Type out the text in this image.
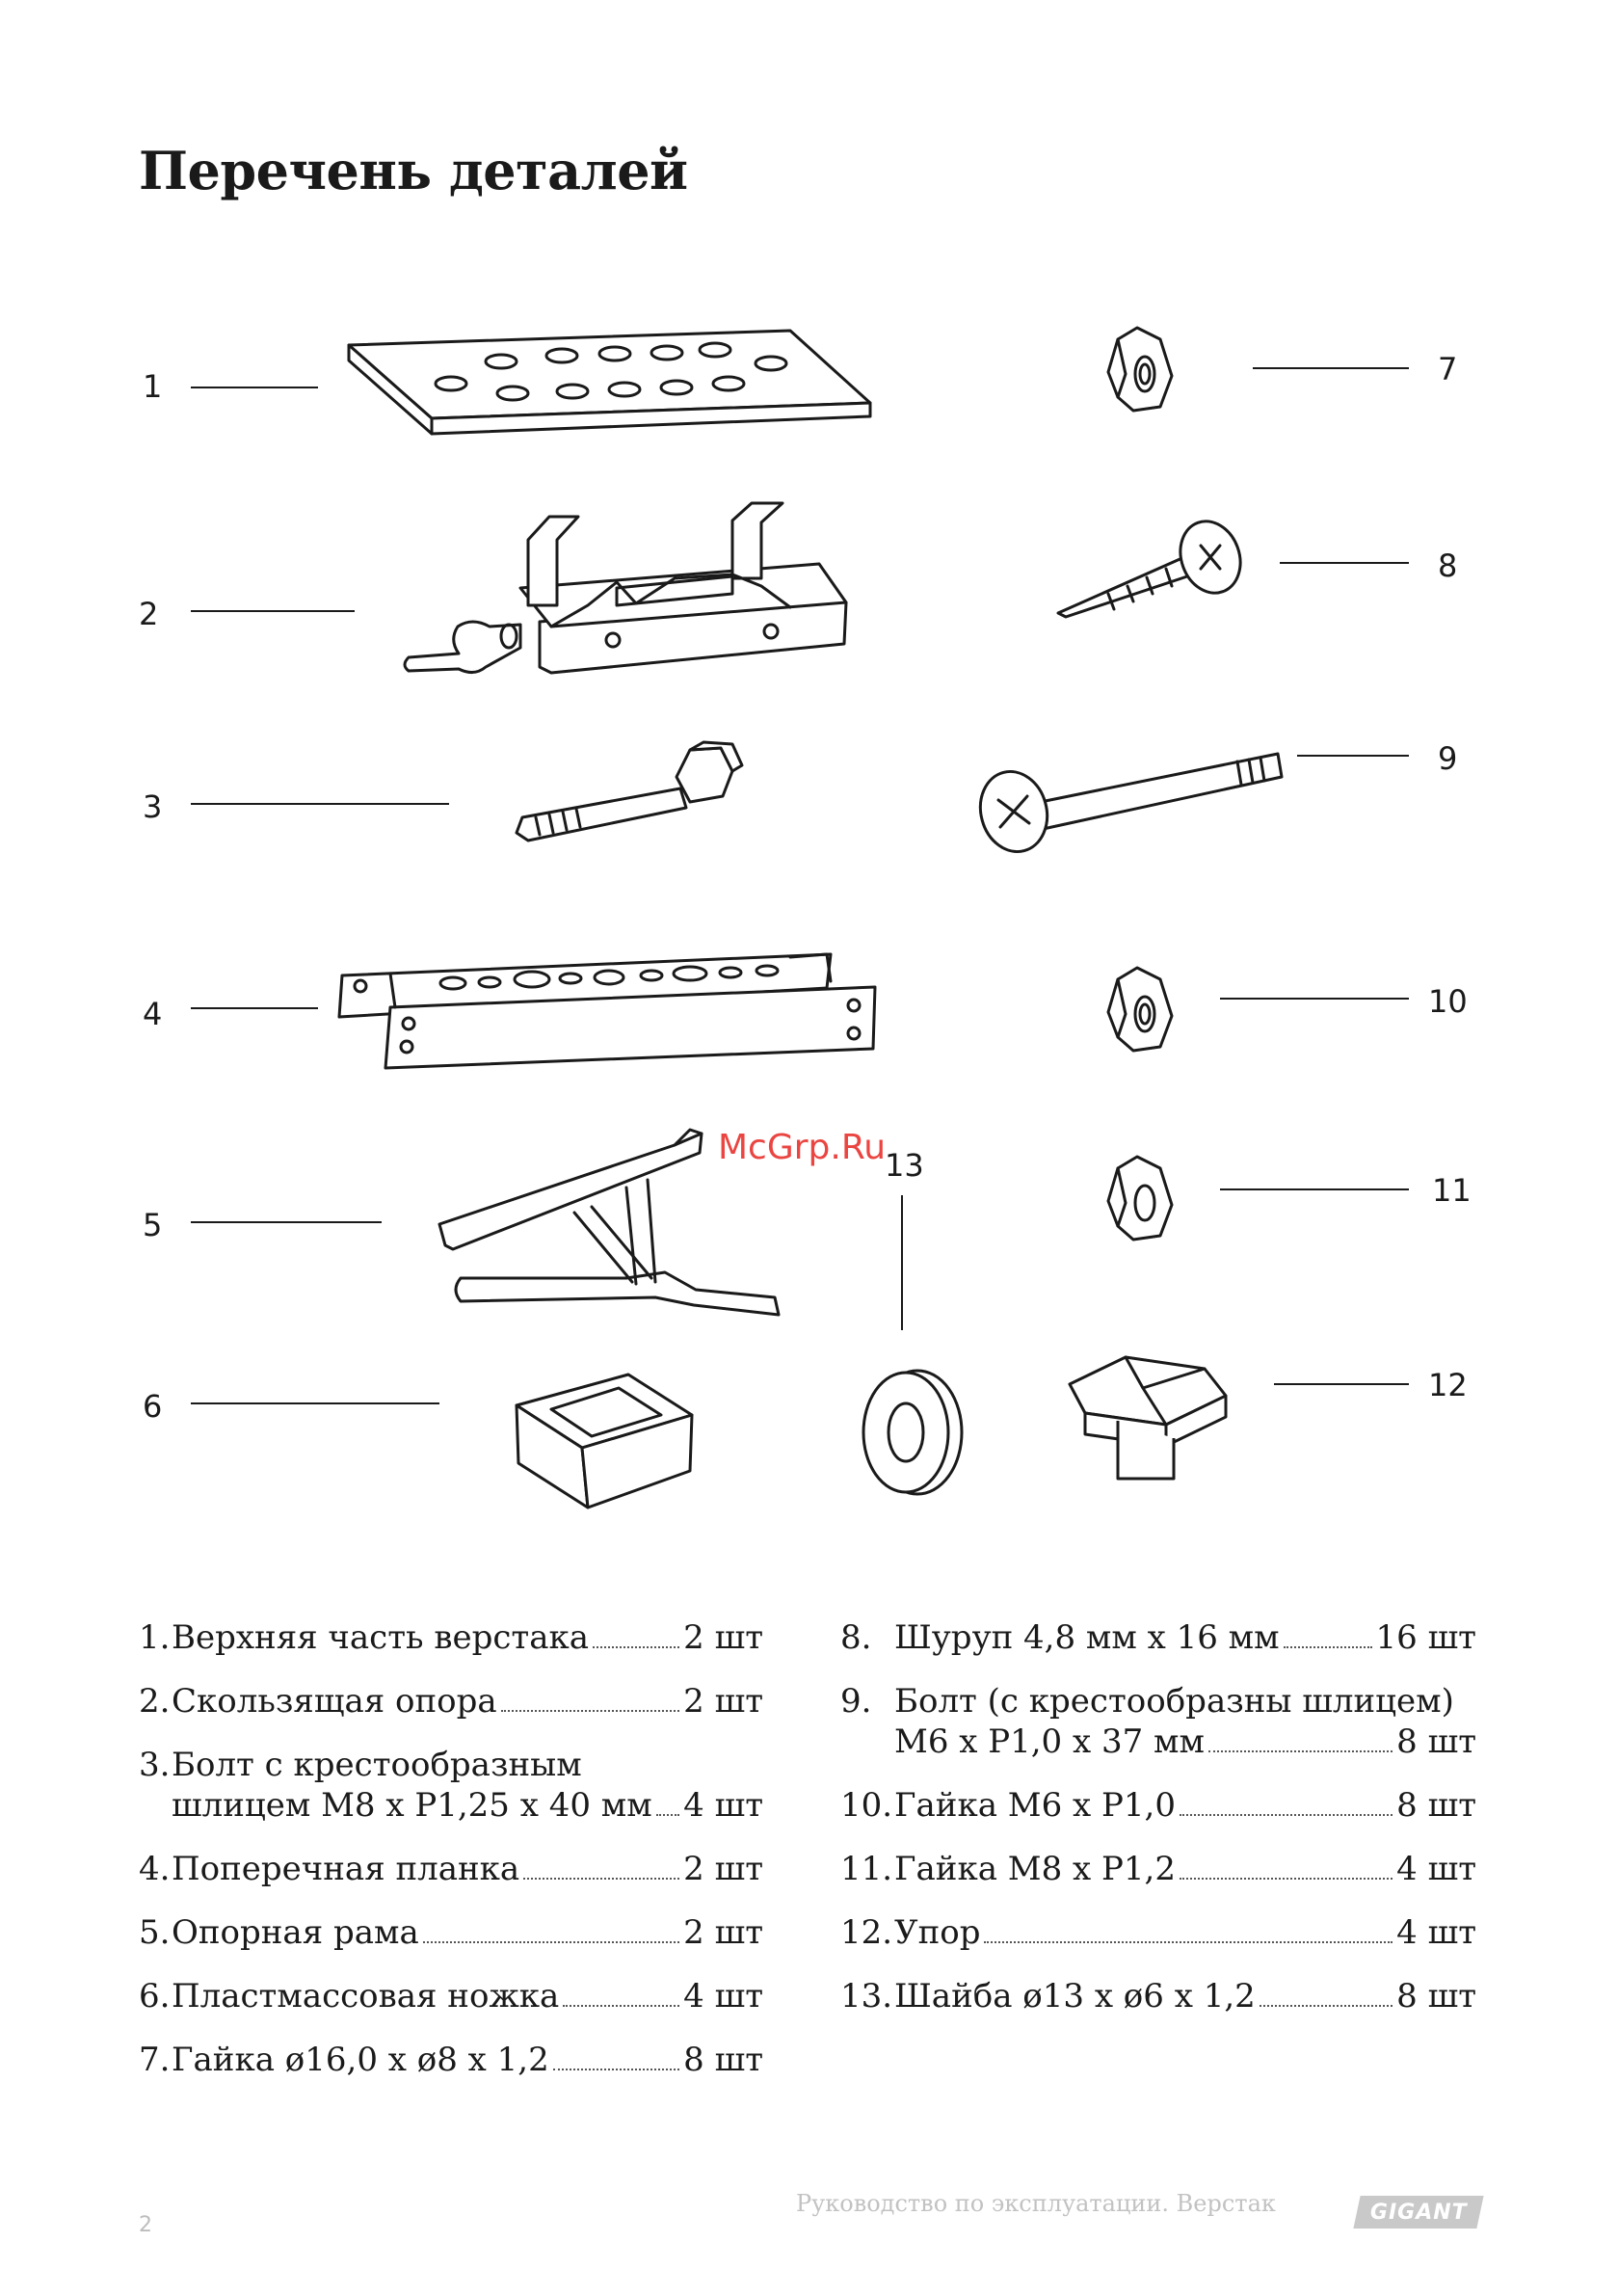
Перечень деталей
1
2
3
4
5
6
7
8
9
10
11
12
13
McGrp.Ru
1. Верхняя часть верстака	2 шт
2. Скользящая опора	2 шт
3. Болт с крестообразным
шлицем М8 х Р1,25 х 40 мм 4 шт
4. Поперечная планка	2 шт
5. Опорная рама	2 шт
6. Пластмассовая ножка	4 шт
7. Гайка ø16,0 х ø8 х 1,2	8 шт
8. Шуруп 4,8 мм х 16 мм	16 шт
9. Болт (с крестообразны шлицем)
М6 х Р1,0 х 37 мм	8 шт
10. Гайка М6 х Р1,0	8 шт
11. Гайка М8 х Р1,2	4 шт
12. Упор	4 шт
13. Шайба ø13 х ø6 х 1,2	8 шт
2
Руководство по эксплуатации. Верстак	GIGANT
